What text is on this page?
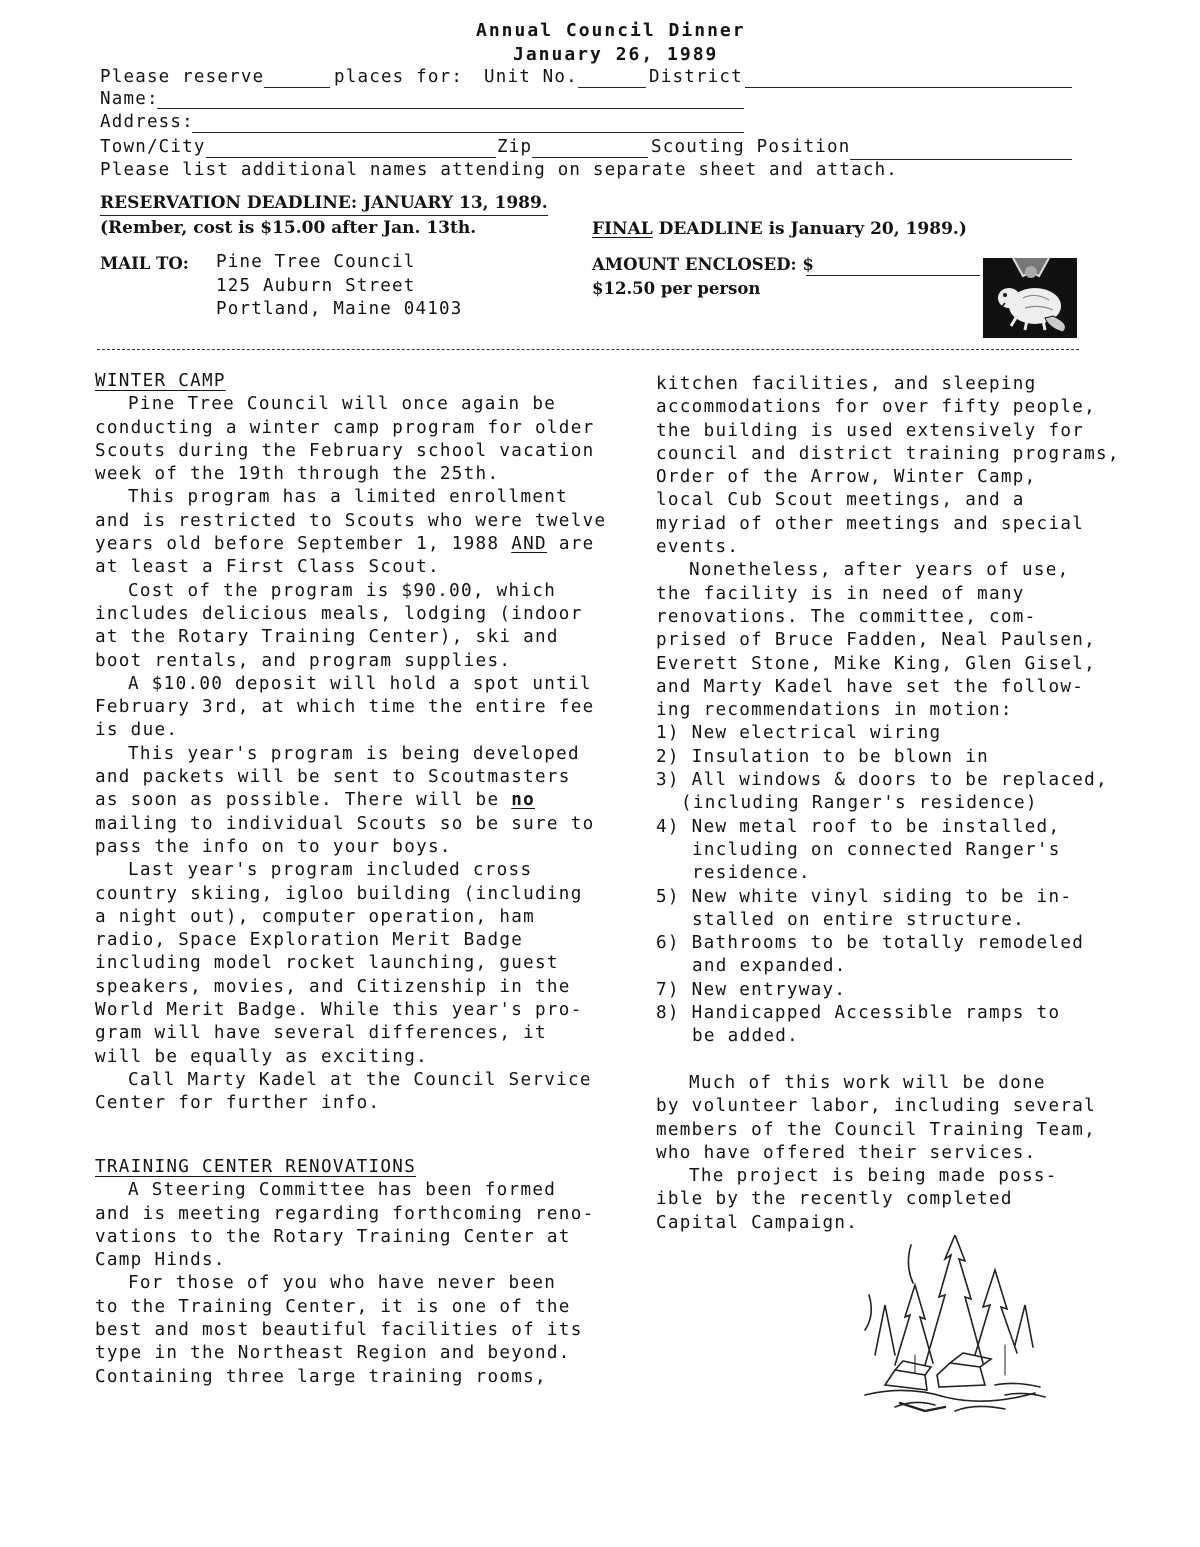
Annual Council Dinner
January 26, 1989
Please reserve	places for: Unit No.	District
Name:
Address:
Town/City	Zip	Scouting Position
Please list additional names attending on separate sheet and attach.
RESERVATION DEADLINE: JANUARY 13, 1989.
(Rember, cost is $15.00 after Jan. 13th.	FINAL DEADLINE is January 20, 1989.)
MAIL TO: Pine Tree Council
125 Auburn Street
Portland, Maine 04103
AMOUNT ENCLOSED: $
$12.50 per person
WINTER CAMP
Pine Tree Council will once again be
conducting a winter camp program for older
Scouts during the February school vacation
week of the 19th through the 25th.
This program has a limited enrollment
and is restricted to Scouts who were twelve
years old before September 1, 1988 AND are
at least a First Class Scout.
Cost of the program is $90.00, which
includes delicious meals, lodging (indoor
at the Rotary Training Center), ski and
boot rentals, and program supplies.
A $10.00 deposit will hold a spot until
February 3rd, at which time the entire fee
is due.
This year's program is being developed
and packets will be sent to Scoutmasters
as soon as possible. There will be no
mailing to individual Scouts so be sure to
pass the info on to your boys.
Last year's program included cross
country skiing, igloo building (including
a night out), computer operation, ham
radio, Space Exploration Merit Badge
including model rocket launching, guest
speakers, movies, and Citizenship in the
World Merit Badge. While this year's pro-
gram will have several differences, it
will be equally as exciting.
Call Marty Kadel at the Council Service
Center for further info.
TRAINING CENTER RENOVATIONS
A Steering Committee has been formed
and is meeting regarding forthcoming reno-
vations to the Rotary Training Center at
Camp Hinds.
For those of you who have never been
to the Training Center, it is one of the
best and most beautiful facilities of its
type in the Northeast Region and beyond.
Containing three large training rooms,
kitchen facilities, and sleeping
accommodations for over fifty people,
the building is used extensively for
council and district training programs,
Order of the Arrow, Winter Camp,
local Cub Scout meetings, and a
myriad of other meetings and special
events.
Nonetheless, after years of use,
the facility is in need of many
renovations. The committee, com-
prised of Bruce Fadden, Neal Paulsen,
Everett Stone, Mike King, Glen Gisel,
and Marty Kadel have set the follow-
ing recommendations in motion:
1) New electrical wiring
2) Insulation to be blown in
3) All windows & doors to be replaced,
(including Ranger's residence)
4) New metal roof to be installed,
including on connected Ranger's
residence.
5) New white vinyl siding to be in-
stalled on entire structure.
6) Bathrooms to be totally remodeled
and expanded.
7) New entryway.
8) Handicapped Accessible ramps to
be added.
Much of this work will be done
by volunteer labor, including several
members of the Council Training Team,
who have offered their services.
The project is being made poss-
ible by the recently completed
Capital Campaign.
